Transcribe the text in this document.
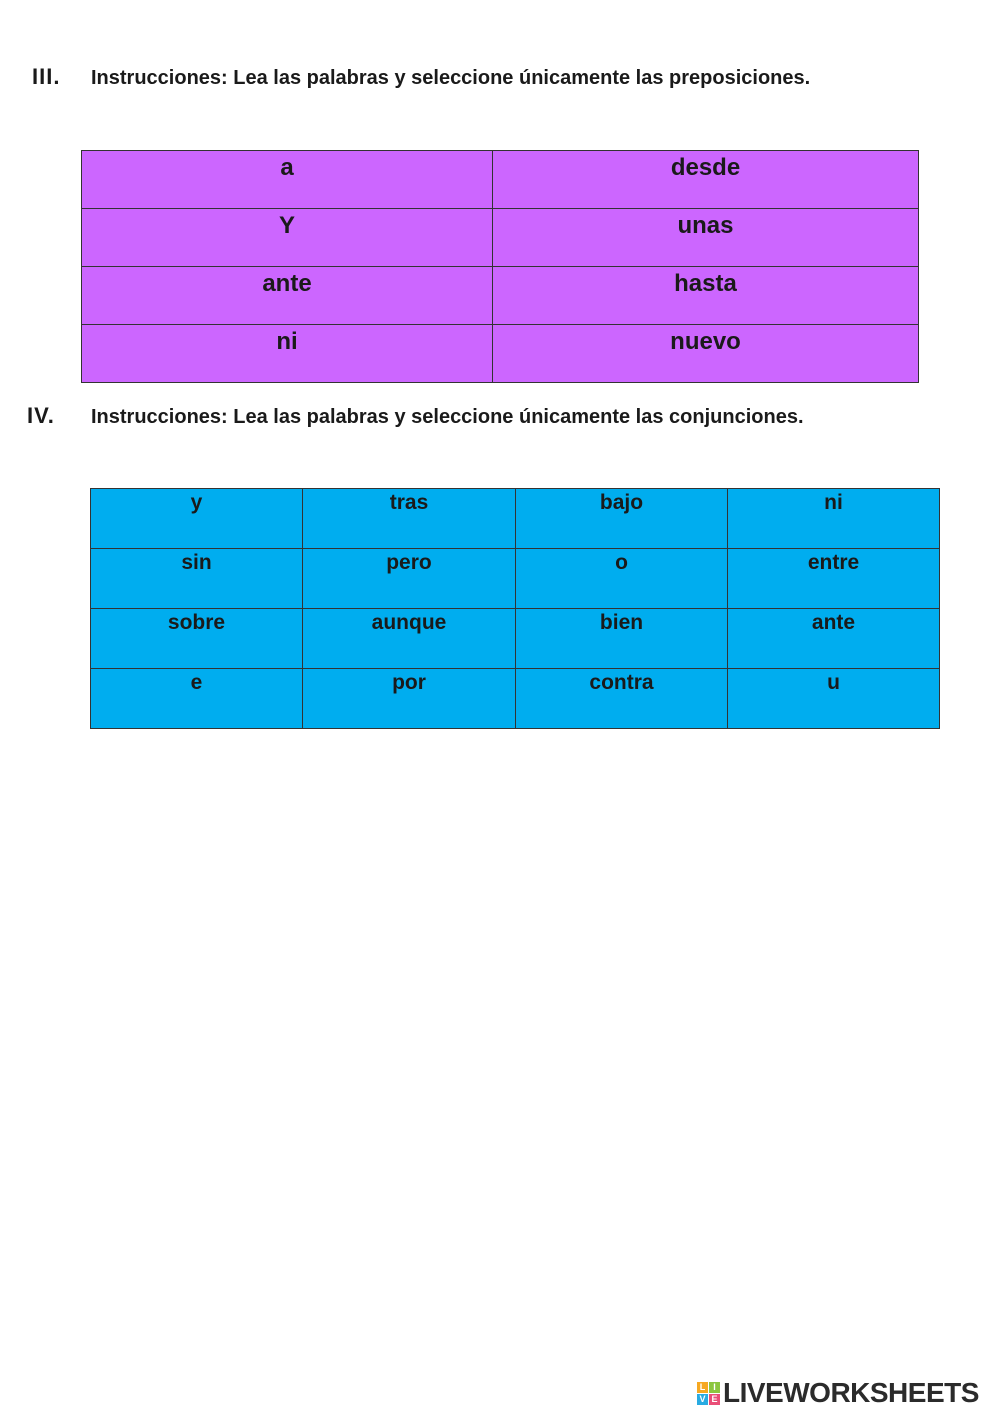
III. Instrucciones: Lea las palabras y seleccione únicamente las preposiciones.
a	desde
Y	unas
ante	hasta
ni	nuevo
IV. Instrucciones: Lea las palabras y seleccione únicamente las conjunciones.
y	tras	bajo	ni
sin	pero	o	entre
sobre	aunque	bien	ante
e	por	contra	u
L I
V E LIVEWORKSHEETS
